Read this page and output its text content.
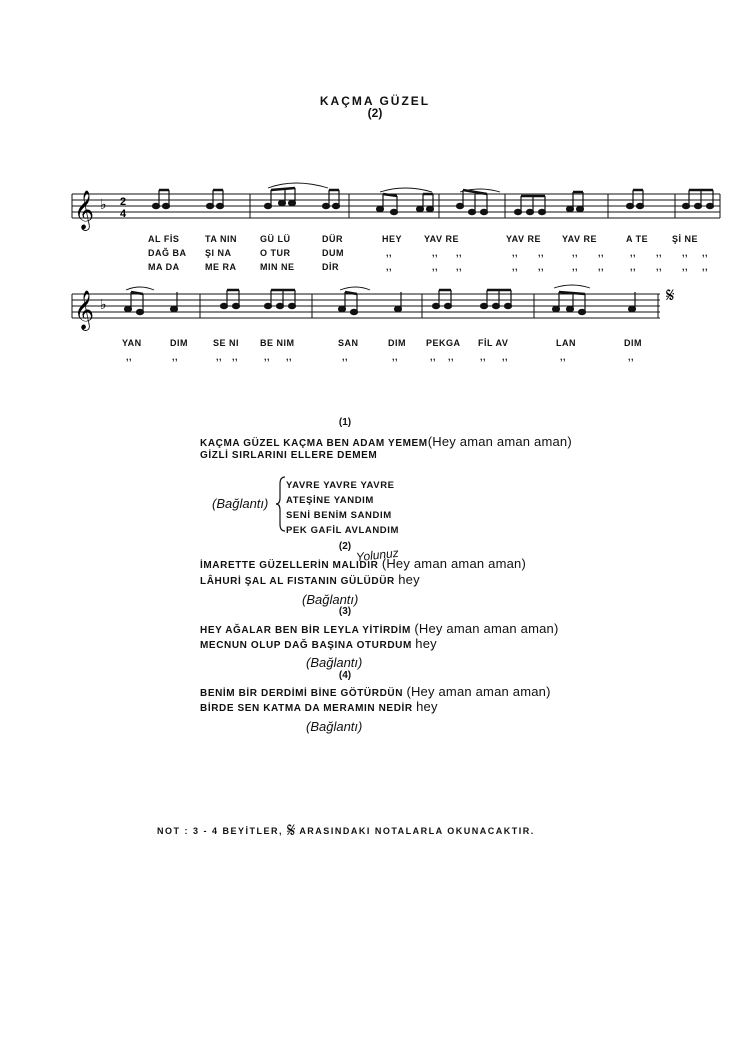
KAÇMA GÜZEL
(2)
𝄞 ♭ 2
4
AL FİS	TA NIN	GÜ LÜ	DÜR	HEY YAV RE	YAV RE YAV RE	A TE	Şİ NE
DAĞ BA ŞI NA	O TUR	DUM	,,	,, ,,	,, ,,	,, ,,	,, ,, ,, ,,
MA DA	ME RA	MIN NE	DİR	,,	,, ,,	,, ,,	,, ,,	,, ,, ,, ,,
𝄞 ♭	𝄋
YAN	DIM	SE NI BE NIM	SAN	DIM PEKGA FİL AV	LAN	DIM
,,	,,	,, ,,	,, ,,	,,	,,	,, ,,	,, ,,	,,	,,
(1)
KAÇMA GÜZEL KAÇMA BEN ADAM YEMEM(Hey aman aman aman)
GİZLİ SIRLARINI ELLERE DEMEM
(Bağlantı)
YAVRE YAVRE YAVRE
ATEŞİNE YANDIM
SENİ BENİM SANDIM
PEK GAFİL AVLANDIM
(2)
İMARETTE GÜZELLERİN MALIDIR (Hey aman aman aman)
Yolunuz
LÂHURİ ŞAL AL FISTANIN GÜLÜDÜR hey
(Bağlantı)
(3)
HEY AĞALAR BEN BİR LEYLA YİTİRDİM (Hey aman aman aman)
MECNUN OLUP DAĞ BAŞINA OTURDUM hey
(Bağlantı)
(4)
BENİM BİR DERDİMİ BİNE GÖTÜRDÜN (Hey aman aman aman)
BİRDE SEN KATMA DA MERAMIN NEDİR hey
(Bağlantı)
NOT : 3 - 4 BEYİTLER, 𝄋 ARASINDAKI NOTALARLA OKUNACAKTIR.
